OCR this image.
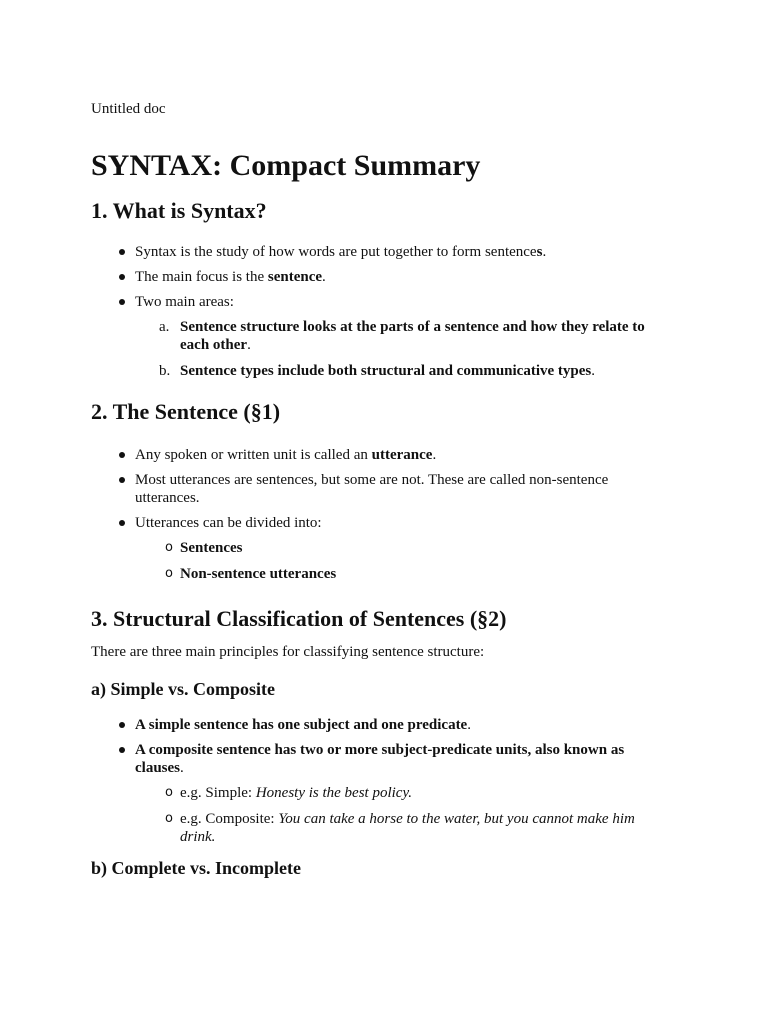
Untitled doc
SYNTAX: Compact Summary
1. What is Syntax?
Syntax is the study of how words are put together to form sentences.
The main focus is the sentence.
Two main areas:
a. Sentence structure looks at the parts of a sentence and how they relate to each other.
b. Sentence types include both structural and communicative types.
2. The Sentence (§1)
Any spoken or written unit is called an utterance.
Most utterances are sentences, but some are not. These are called non-sentence utterances.
Utterances can be divided into:
o Sentences
o Non-sentence utterances
3. Structural Classification of Sentences (§2)

There are three main principles for classifying sentence structure:

a) Simple vs. Composite
A simple sentence has one subject and one predicate.
A composite sentence has two or more subject-predicate units, also known as clauses.
o e.g. Simple: Honesty is the best policy.
o e.g. Composite: You can take a horse to the water, but you cannot make him drink.
b) Complete vs. Incomplete
